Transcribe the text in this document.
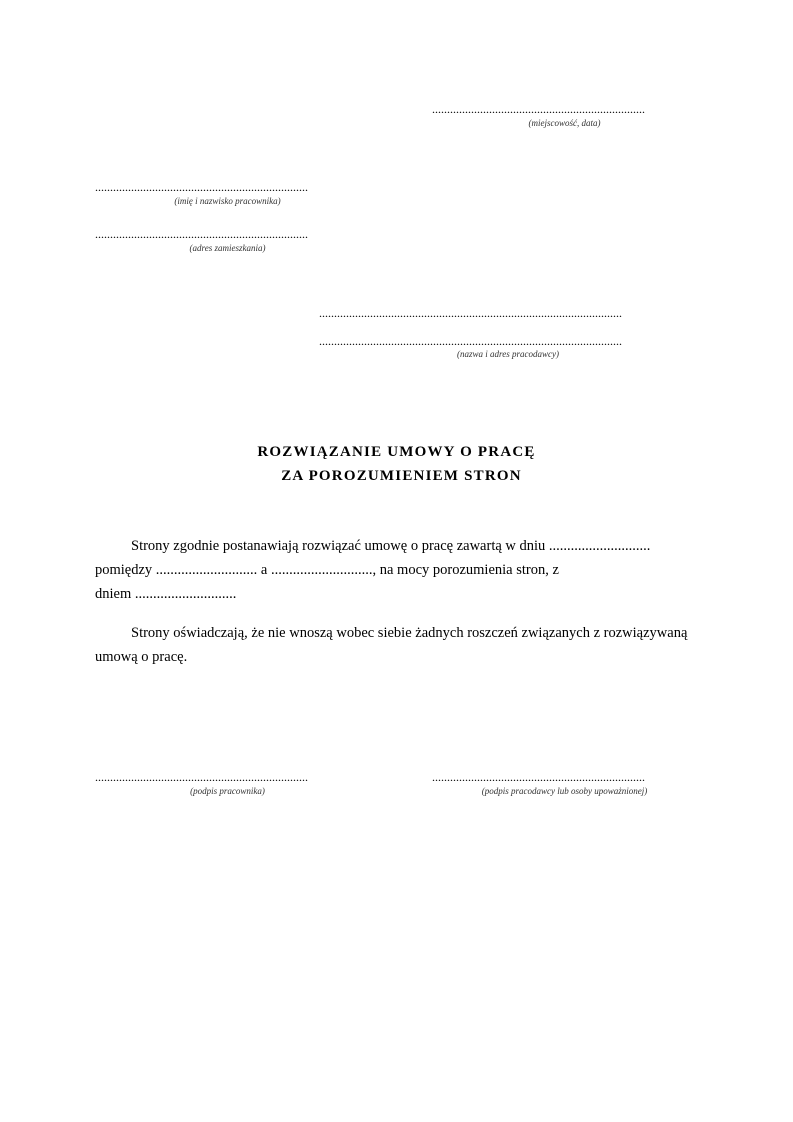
.......................................................................
(miejscowość, data)
.......................................................................
(imię i nazwisko pracownika)
.......................................................................
(adres zamieszkania)
.....................................................................................................
.....................................................................................................
(nazwa i adres pracodawcy)
ROZWIĄZANIE UMOWY O PRACĘ
ZA POROZUMIENIEM STRON
Strony zgodnie postanawiają rozwiązać umowę o pracę zawartą w dniu ............................
pomiędzy ............................ a ............................, na mocy porozumienia stron, z
dniem ............................
Strony oświadczają, że nie wnoszą wobec siebie żadnych roszczeń związanych z rozwiązywaną
umową o pracę.
.......................................................................
(podpis pracownika)
.......................................................................
(podpis pracodawcy lub osoby upoważnionej)
